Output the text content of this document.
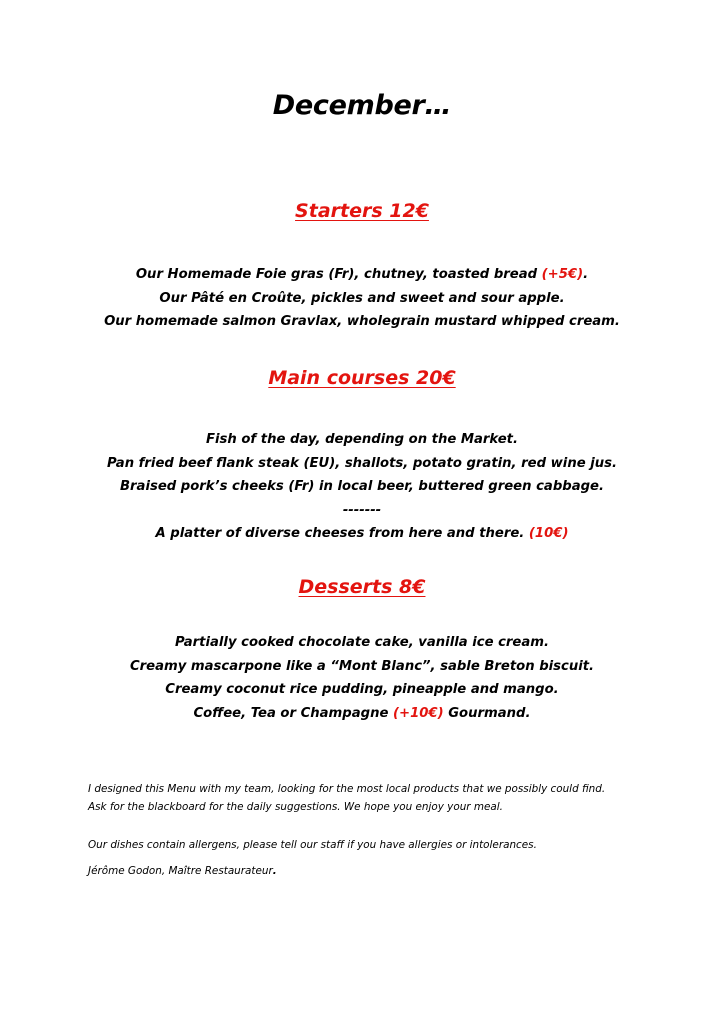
December…
Starters 12€
Our Homemade Foie gras (Fr), chutney, toasted bread (+5€).
Our Pâté en Croûte, pickles and sweet and sour apple.
Our homemade salmon Gravlax, wholegrain mustard whipped cream.
Main courses 20€
Fish of the day, depending on the Market.
Pan fried beef flank steak (EU), shallots, potato gratin, red wine jus.
Braised pork’s cheeks (Fr) in local beer, buttered green cabbage.
-------
A platter of diverse cheeses from here and there. (10€)
Desserts 8€
Partially cooked chocolate cake, vanilla ice cream.
Creamy mascarpone like a “Mont Blanc”, sable Breton biscuit.
Creamy coconut rice pudding, pineapple and mango.
Coffee, Tea or Champagne (+10€) Gourmand.
I designed this Menu with my team, looking for the most local products that we possibly could find.
Ask for the blackboard for the daily suggestions. We hope you enjoy your meal.
Our dishes contain allergens, please tell our staff if you have allergies or intolerances.
Jérôme Godon, Maître Restaurateur.
